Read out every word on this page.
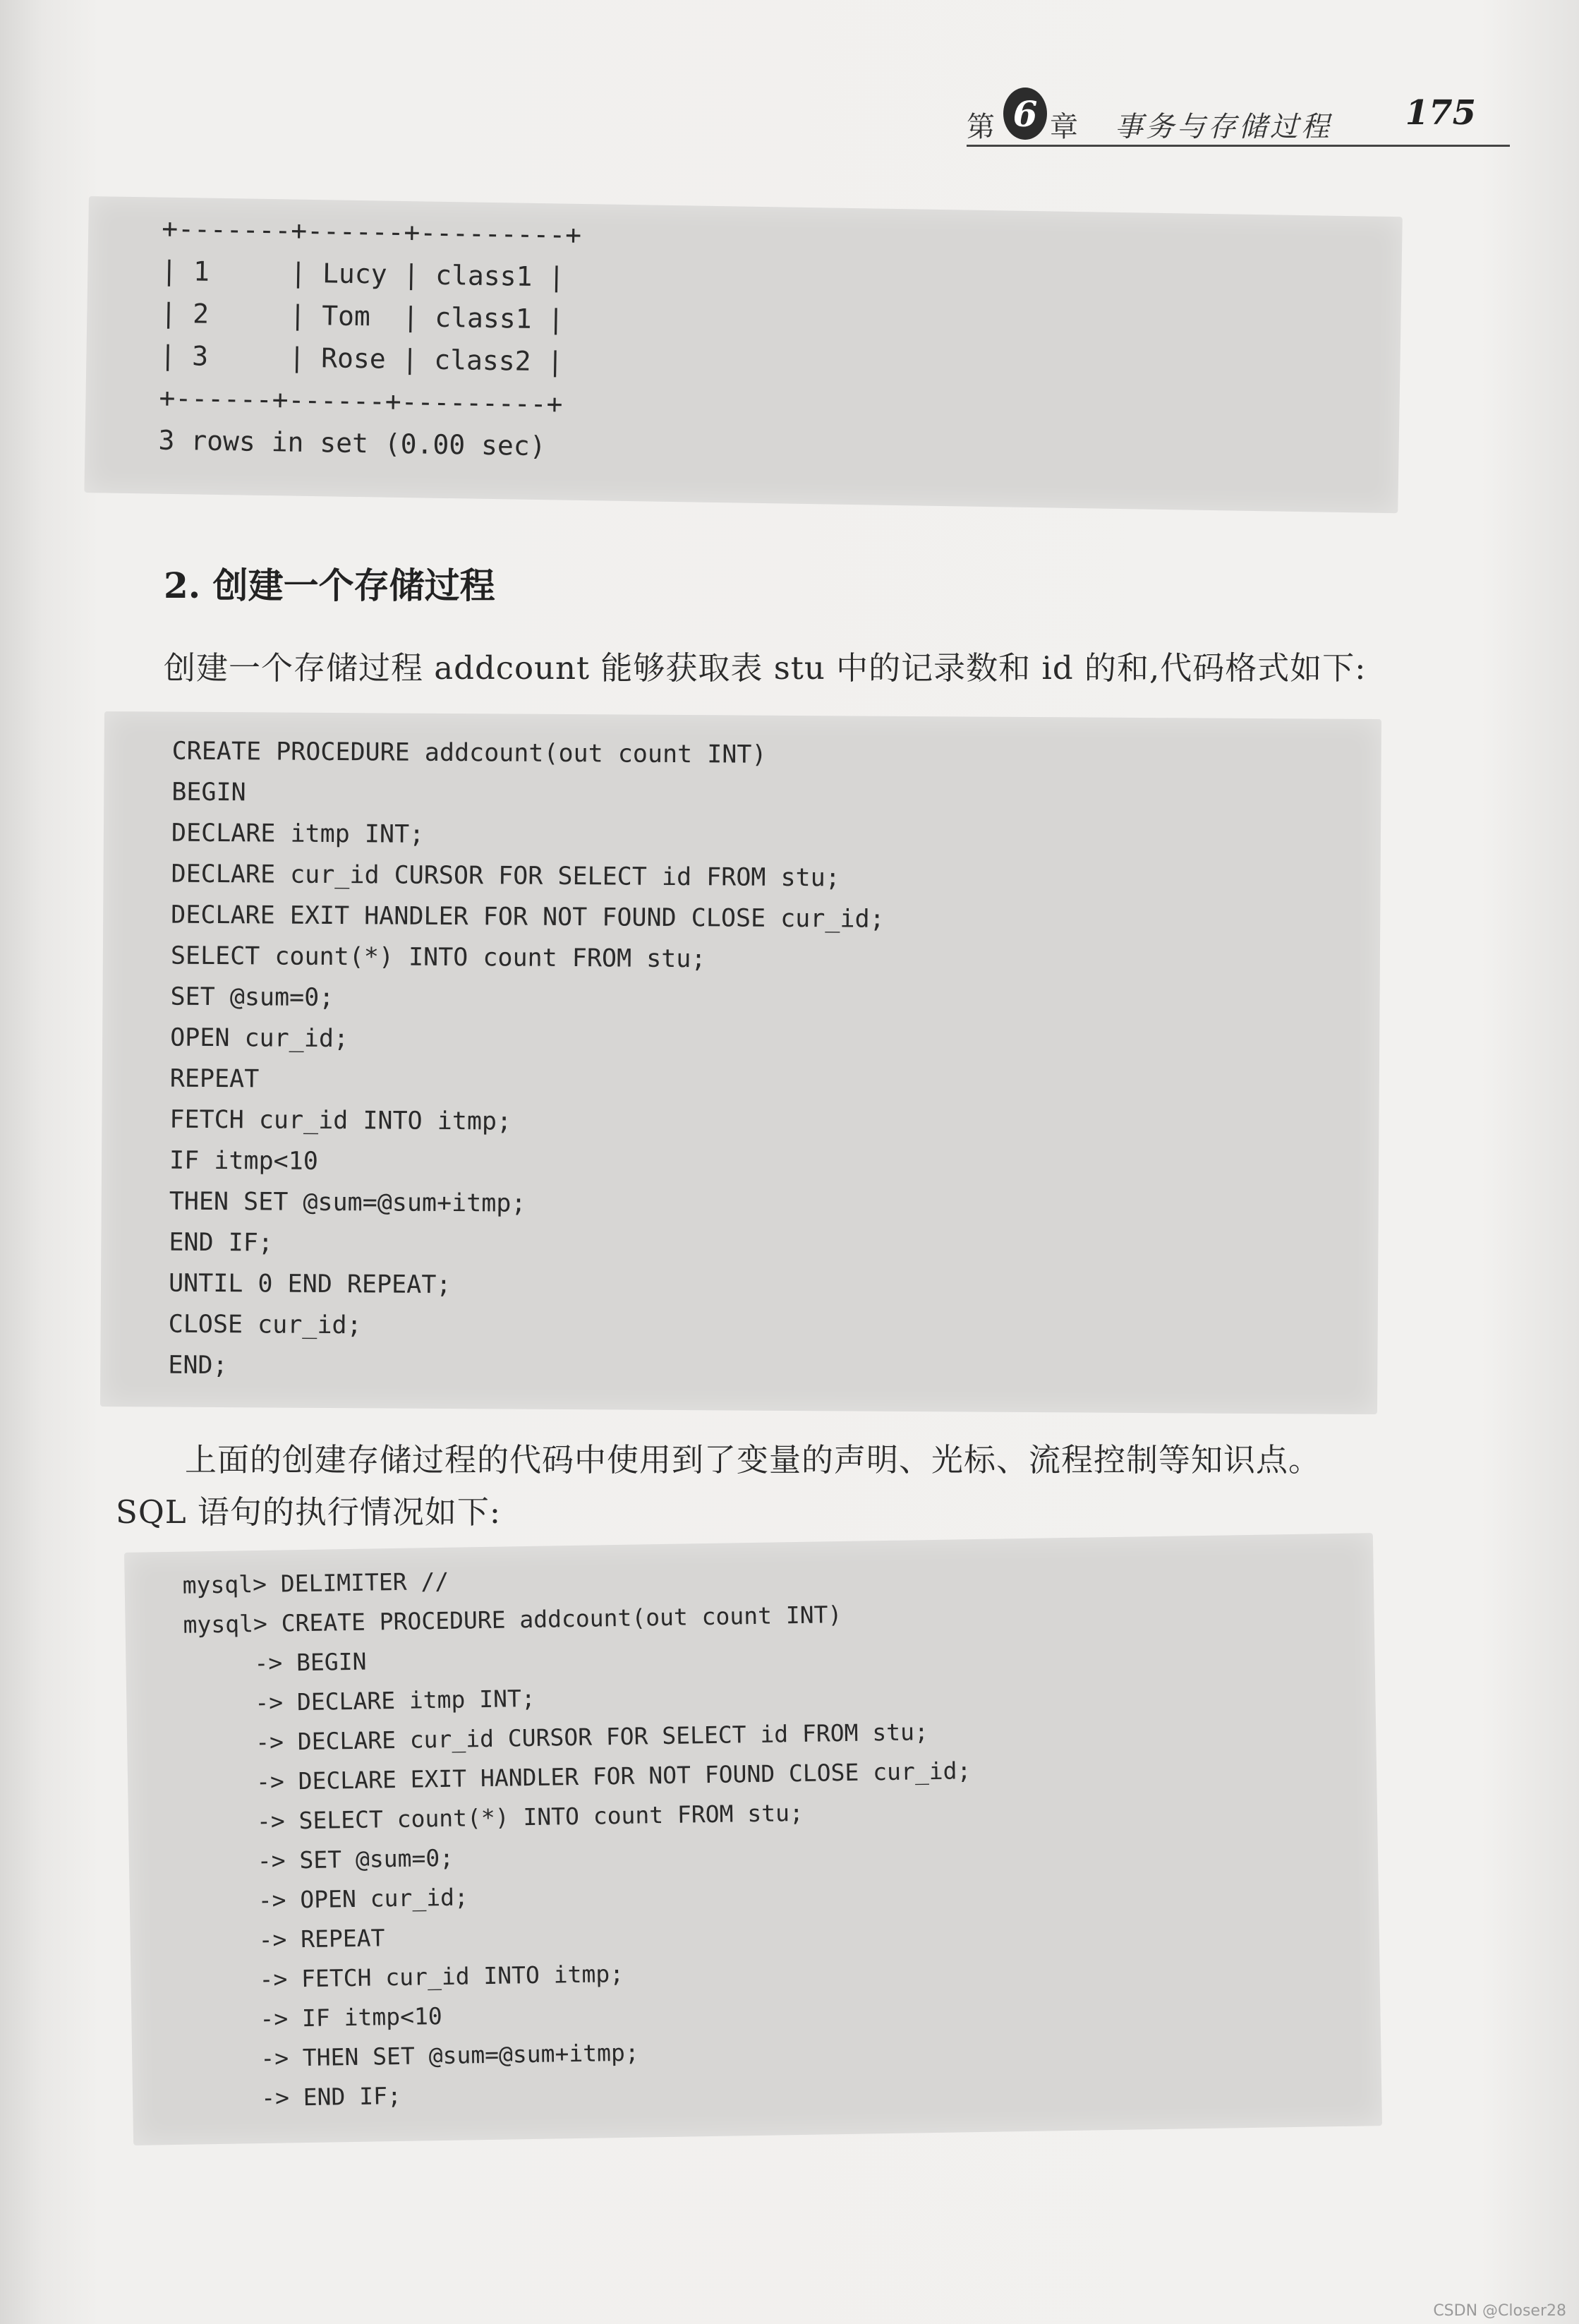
第 6 章 事务与存储过程 175
+-------+------+---------+
| 1     | Lucy | class1 |
| 2     | Tom  | class1 |
| 3     | Rose | class2 |
+------+------+---------+
3 rows in set (0.00 sec)
2. 创建一个存储过程
创建一个存储过程 addcount 能够获取表 stu 中的记录数和 id 的和,代码格式如下:
CREATE PROCEDURE addcount(out count INT)
BEGIN
DECLARE itmp INT;
DECLARE cur_id CURSOR FOR SELECT id FROM stu;
DECLARE EXIT HANDLER FOR NOT FOUND CLOSE cur_id;
SELECT count(*) INTO count FROM stu;
SET @sum=0;
OPEN cur_id;
REPEAT
FETCH cur_id INTO itmp;
IF itmp<10
THEN SET @sum=@sum+itmp;
END IF;
UNTIL 0 END REPEAT;
CLOSE cur_id;
END;
上面的创建存储过程的代码中使用到了变量的声明、光标、流程控制等知识点。
SQL 语句的执行情况如下:
mysql> DELIMITER //
mysql> CREATE PROCEDURE addcount(out count INT)
-> BEGIN
-> DECLARE itmp INT;
-> DECLARE cur_id CURSOR FOR SELECT id FROM stu;
-> DECLARE EXIT HANDLER FOR NOT FOUND CLOSE cur_id;
-> SELECT count(*) INTO count FROM stu;
-> SET @sum=0;
-> OPEN cur_id;
-> REPEAT
-> FETCH cur_id INTO itmp;
-> IF itmp<10
-> THEN SET @sum=@sum+itmp;
-> END IF;
CSDN @Closer28
